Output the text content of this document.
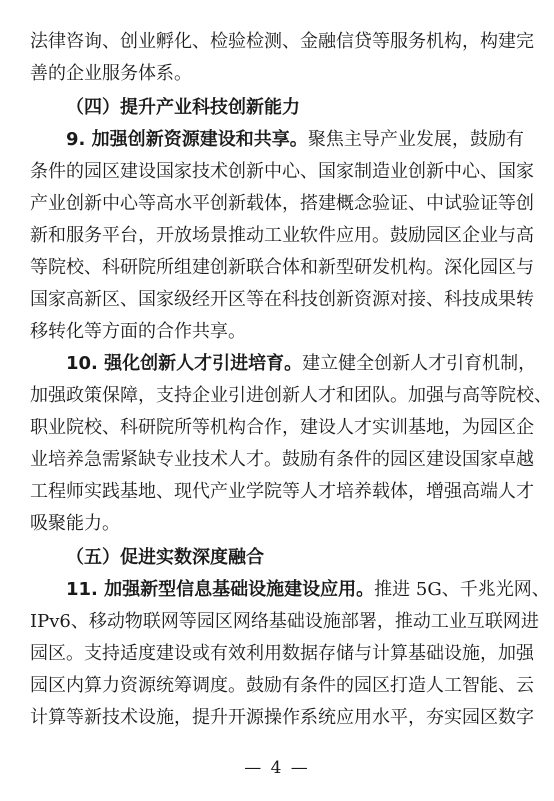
法律咨询、创业孵化、检验检测、金融信贷等服务机构，构建完
善的企业服务体系。
（四）提升产业科技创新能力
9. 加强创新资源建设和共享。聚焦主导产业发展，鼓励有
条件的园区建设国家技术创新中心、国家制造业创新中心、国家
产业创新中心等高水平创新载体，搭建概念验证、中试验证等创
新和服务平台，开放场景推动工业软件应用。鼓励园区企业与高
等院校、科研院所组建创新联合体和新型研发机构。深化园区与
国家高新区、国家级经开区等在科技创新资源对接、科技成果转
移转化等方面的合作共享。
10. 强化创新人才引进培育。建立健全创新人才引育机制，
加强政策保障，支持企业引进创新人才和团队。加强与高等院校、
职业院校、科研院所等机构合作，建设人才实训基地，为园区企
业培养急需紧缺专业技术人才。鼓励有条件的园区建设国家卓越
工程师实践基地、现代产业学院等人才培养载体，增强高端人才
吸聚能力。
（五）促进实数深度融合
11. 加强新型信息基础设施建设应用。推进 5G、千兆光网、
IPv6、移动物联网等园区网络基础设施部署，推动工业互联网进
园区。支持适度建设或有效利用数据存储与计算基础设施，加强
园区内算力资源统筹调度。鼓励有条件的园区打造人工智能、云
计算等新技术设施，提升开源操作系统应用水平，夯实园区数字
— 4 —
